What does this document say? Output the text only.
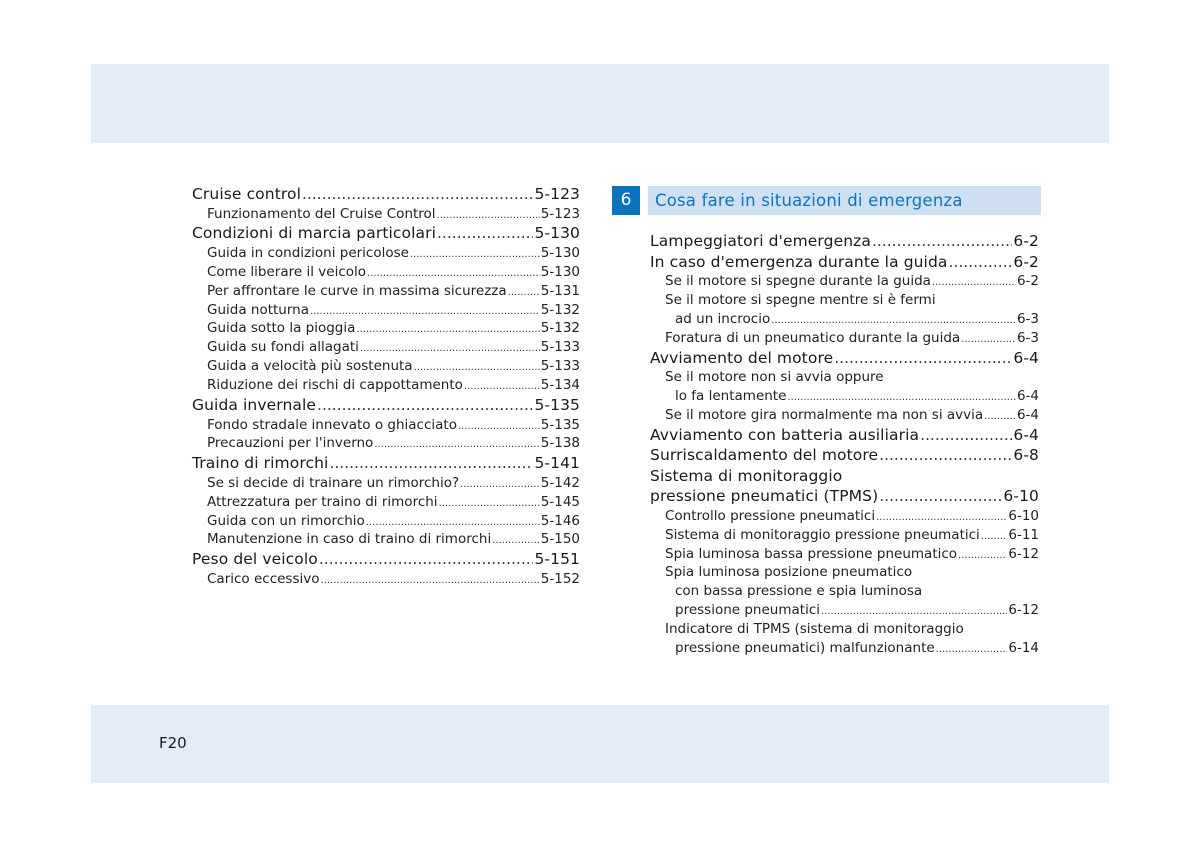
Cruise control .....	5-123
Funzionamento del Cruise Control .....	5-123
Condizioni di marcia particolari .....	5-130
Guida in condizioni pericolose .....	5-130
Come liberare il veicolo .....	5-130
Per affrontare le curve in massima sicurezza .....	5-131
Guida notturna .....	5-132
Guida sotto la pioggia .....	5-132
Guida su fondi allagati .....	5-133
Guida a velocità più sostenuta .....	5-133
Riduzione dei rischi di cappottamento .....	5-134
Guida invernale .....	5-135
Fondo stradale innevato o ghiacciato .....	5-135
Precauzioni per l'inverno .....	5-138
Traino di rimorchi .....	5-141
Se si decide di trainare un rimorchio? .....	5-142
Attrezzatura per traino di rimorchi .....	5-145
Guida con un rimorchio .....	5-146
Manutenzione in caso di traino di rimorchi .....	5-150
Peso del veicolo .....	5-151
Carico eccessivo .....	5-152
6	Cosa fare in situazioni di emergenza
Lampeggiatori d'emergenza .....	6-2
In caso d'emergenza durante la guida .....	6-2
Se il motore si spegne durante la guida .....	6-2
Se il motore si spegne mentre si è fermi
ad un incrocio .....	6-3
Foratura di un pneumatico durante la guida .....	6-3
Avviamento del motore .....	6-4
Se il motore non si avvia oppure
lo fa lentamente .....	6-4
Se il motore gira normalmente ma non si avvia .....	6-4
Avviamento con batteria ausiliaria .....	6-4
Surriscaldamento del motore .....	6-8
Sistema di monitoraggio
pressione pneumatici (TPMS) .....	6-10
Controllo pressione pneumatici .....	6-10
Sistema di monitoraggio pressione pneumatici ..... 6-11
Spia luminosa bassa pressione pneumatico .....	6-12
Spia luminosa posizione pneumatico
con bassa pressione e spia luminosa
pressione pneumatici .....	6-12
Indicatore di TPMS (sistema di monitoraggio
pressione pneumatici) malfunzionante .....	6-14
F20
